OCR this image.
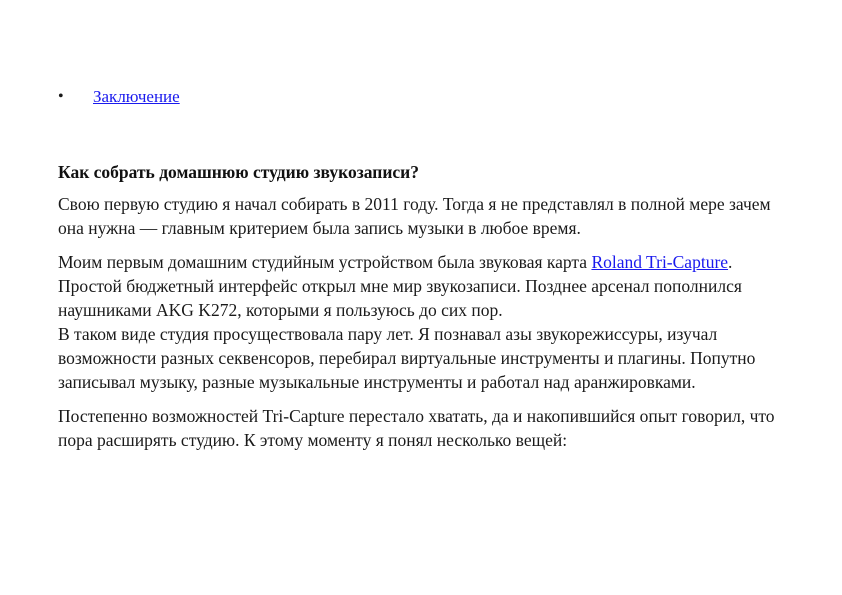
• Заключение
Как собрать домашнюю студию звукозаписи?

Свою первую студию я начал собирать в 2011 году. Тогда я не представлял в полной мере зачем она нужна — главным критерием была запись музыки в любое время.

Моим первым домашним студийным устройством была звуковая карта Roland Tri-Capture. Простой бюджетный интерфейс открыл мне мир звукозаписи. Позднее арсенал пополнился наушниками AKG K272, которыми я пользуюсь до сих пор.
В таком виде студия просуществовала пару лет. Я познавал азы звукорежиссуры, изучал возможности разных секвенсоров, перебирал виртуальные инструменты и плагины. Попутно записывал музыку, разные музыкальные инструменты и работал над аранжировками.

Постепенно возможностей Tri-Capture перестало хватать, да и накопившийся опыт говорил, что пора расширять студию. К этому моменту я понял несколько вещей:
